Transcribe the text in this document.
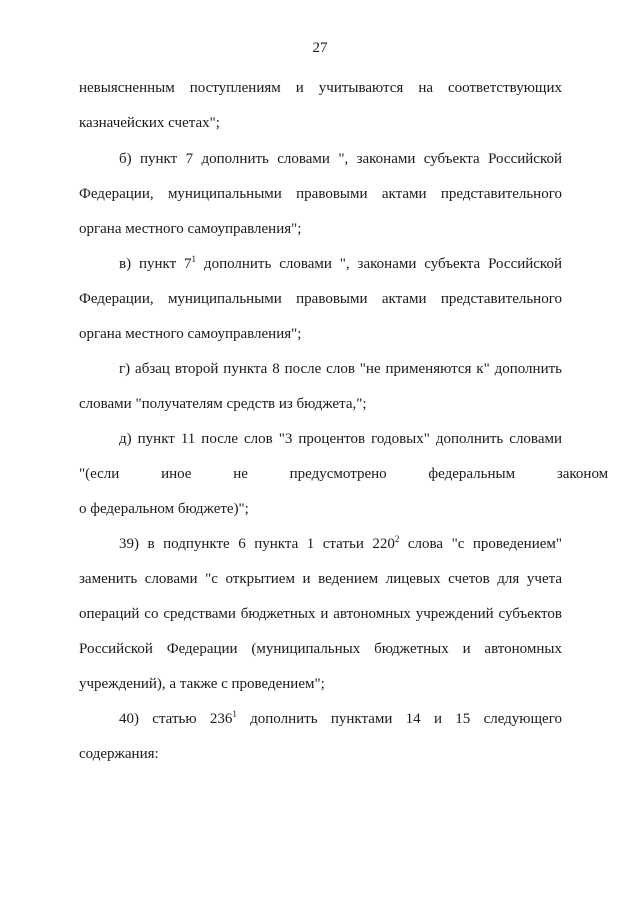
27
невыясненным поступлениям и учитываются на соответствующих
казначейских счетах";
б) пункт 7 дополнить словами ", законами субъекта Российской
Федерации, муниципальными правовыми актами представительного
органа местного самоуправления";
в) пункт $7^1$ дополнить словами ", законами субъекта Российской
Федерации, муниципальными правовыми актами представительного
органа местного самоуправления";
г) абзац второй пункта 8 после слов "не применяются к" дополнить
словами "получателям средств из бюджета,";
д) пункт 11 после слов "3 процентов годовых" дополнить словами
"(если иное не предусмотрено федеральным законом
о федеральном бюджете)";
39) в подпункте 6 пункта 1 статьи $220^2$ слова "с проведением"
заменить словами "с открытием и ведением лицевых счетов для учета
операций со средствами бюджетных и автономных учреждений субъектов
Российской Федерации (муниципальных бюджетных и автономных
учреждений), а также с проведением";
40) статью $236^1$ дополнить пунктами 14 и 15 следующего
содержания:
